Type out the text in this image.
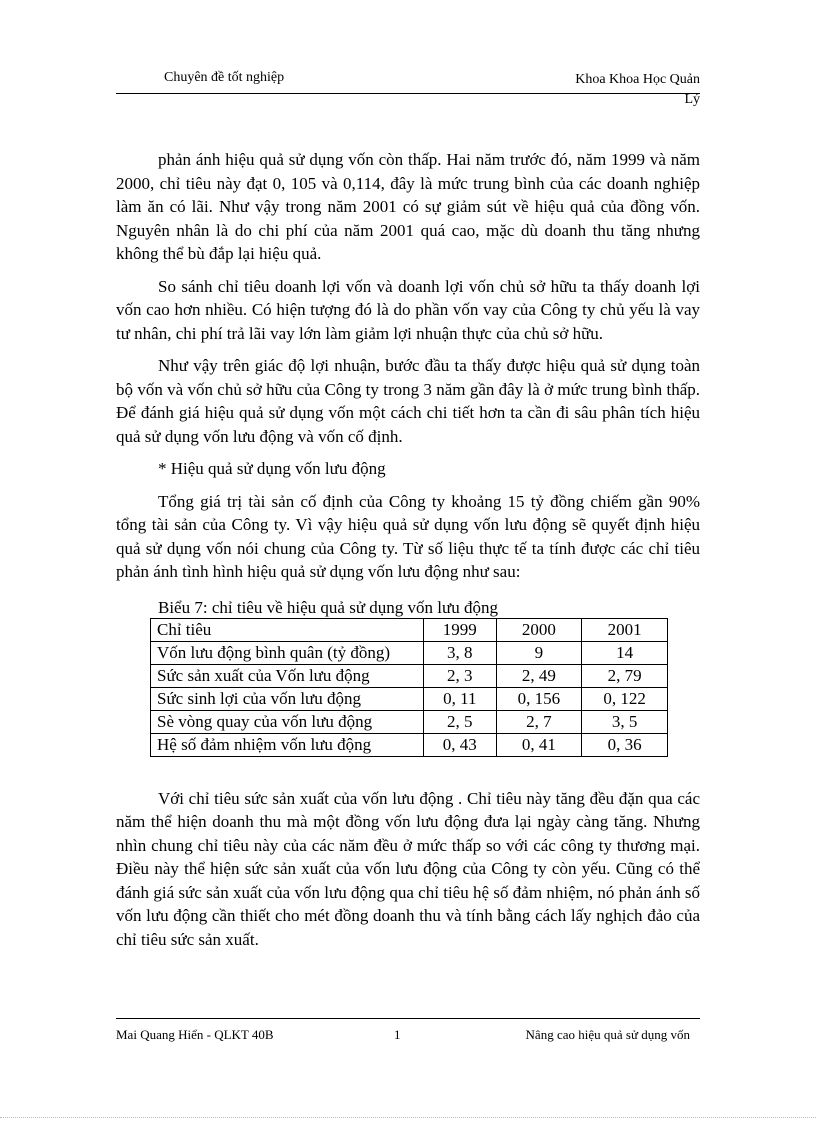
Chuyên đề tốt nghiệp	Khoa Khoa Học Quản
Lý

phản ánh hiệu quả sử dụng vốn còn thấp. Hai năm trước đó, năm 1999 và năm 2000, chỉ tiêu này đạt 0, 105 và 0,114, đây là mức trung bình của các doanh nghiệp làm ăn có lãi. Như vậy trong năm 2001 có sự giảm sút về hiệu quả của đồng vốn. Nguyên nhân là do chi phí của năm 2001 quá cao, mặc dù doanh thu tăng nhưng không thể bù đắp lại hiệu quả.

So sánh chỉ tiêu doanh lợi vốn và doanh lợi vốn chủ sở hữu ta thấy doanh lợi vốn cao hơn nhiều. Có hiện tượng đó là do phần vốn vay của Công ty chủ yếu là vay tư nhân, chi phí trả lãi vay lớn làm giảm lợi nhuận thực của chủ sở hữu.

Như vậy trên giác độ lợi nhuận, bước đầu ta thấy được hiệu quả sử dụng toàn bộ vốn và vốn chủ sở hữu của Công ty trong 3 năm gần đây là ở mức trung bình thấp. Để đánh giá hiệu quả sử dụng vốn một cách chi tiết hơn ta cần đi sâu phân tích hiệu quả sử dụng vốn lưu động và vốn cố định.

* Hiệu quả sử dụng vốn lưu động

Tổng giá trị tài sản cố định của Công ty khoảng 15 tỷ đồng chiếm gần 90% tổng tài sản của Công ty. Vì vậy hiệu quả sử dụng vốn lưu động sẽ quyết định hiệu quả sử dụng vốn nói chung của Công ty. Từ số liệu thực tế ta tính được các chỉ tiêu phản ánh tình hình hiệu quả sử dụng vốn lưu động như sau:

Biểu 7: chỉ tiêu về hiệu quả sử dụng vốn lưu động
Chỉ tiêu	1999	2000	2001
Vốn lưu động bình quân (tỷ đồng)	3, 8	9	14
Sức sản xuất của Vốn lưu động	2, 3	2, 49	2, 79
Sức sinh lợi của vốn lưu động	0, 11	0, 156	0, 122
Sè vòng quay của vốn lưu động	2, 5	2, 7	3, 5
Hệ số đảm nhiệm vốn lưu động	0, 43	0, 41	0, 36

Với chỉ tiêu sức sản xuất của vốn lưu động . Chỉ tiêu này tăng đều đặn qua các năm thể hiện doanh thu mà một đồng vốn lưu động đưa lại ngày càng tăng. Nhưng nhìn chung chỉ tiêu này của các năm đều ở mức thấp so với các công ty thương mại. Điều này thể hiện sức sản xuất của vốn lưu động của Công ty còn yếu. Cũng có thể đánh giá sức sản xuất của vốn lưu động qua chỉ tiêu hệ số đảm nhiệm, nó phản ánh số vốn lưu động cần thiết cho mét đồng doanh thu và tính bằng cách lấy nghịch đảo của chỉ tiêu sức sản xuất.

Mai Quang Hiển - QLKT 40B	1	Nâng cao hiệu quả sử dụng vốn
